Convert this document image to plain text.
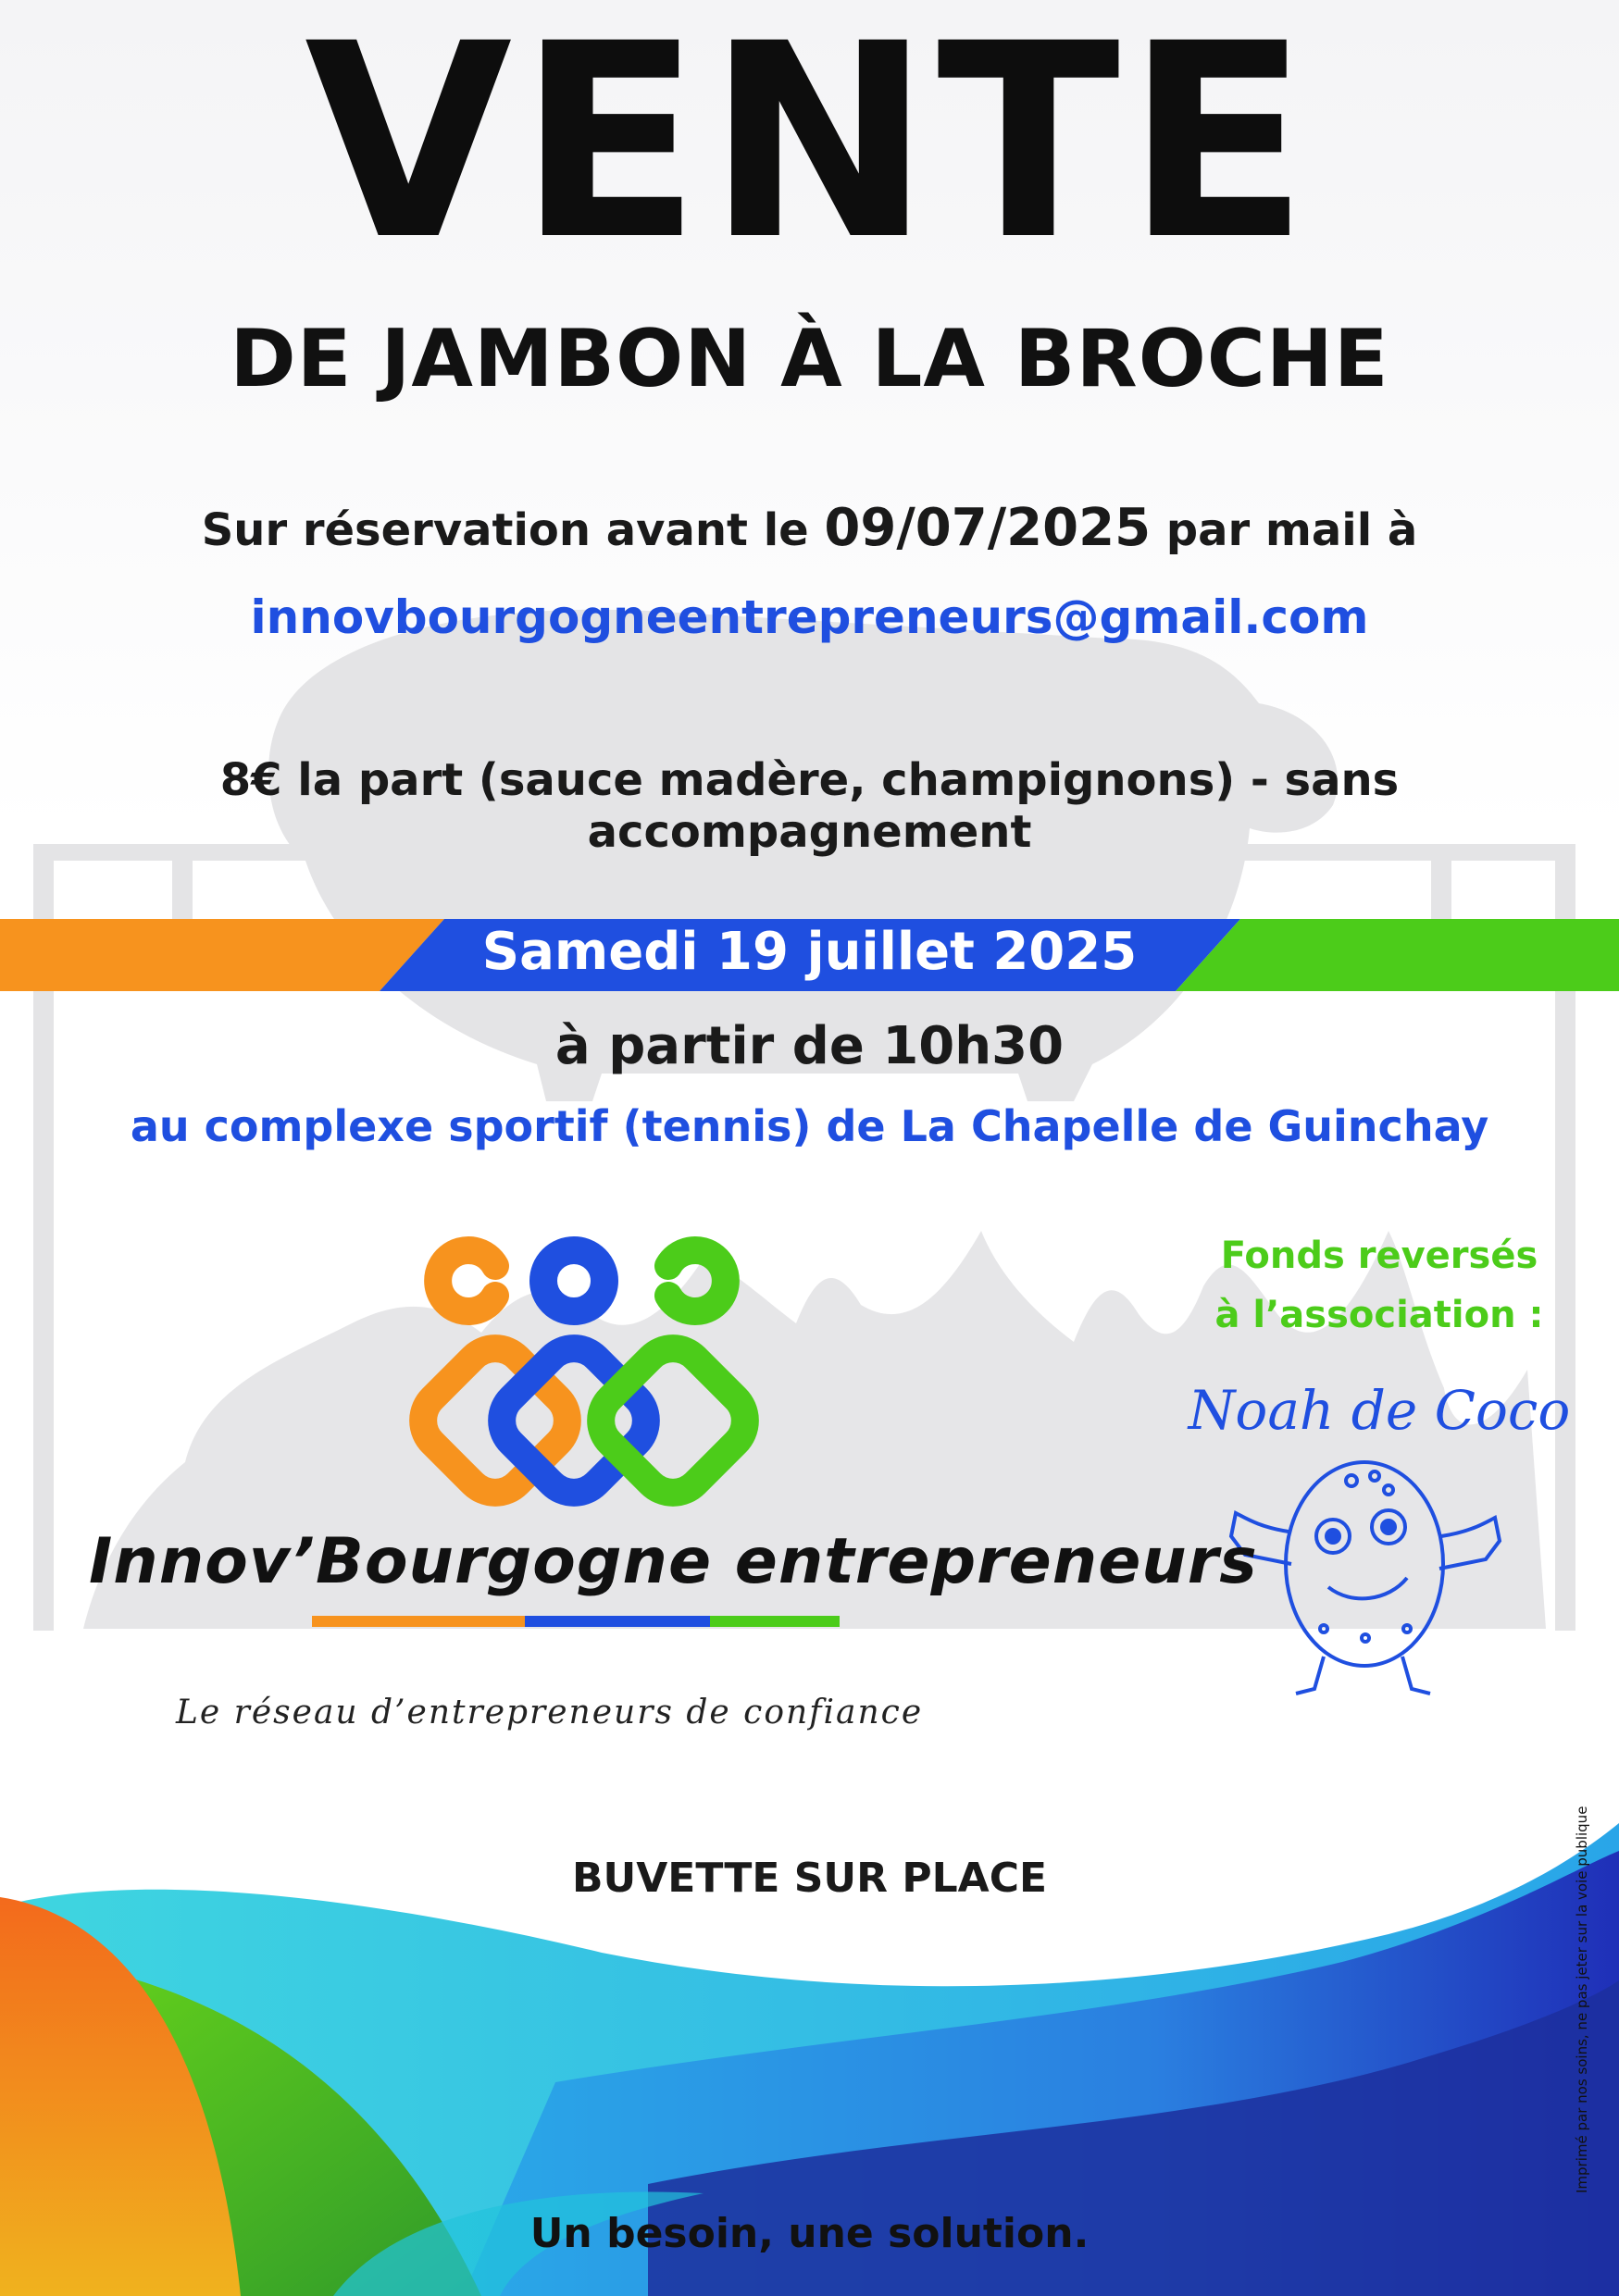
VENTE
DE JAMBON À LA BROCHE
Sur réservation avant le 09/07/2025 par mail à
innovbourgogneentrepreneurs@gmail.com
8€ la part (sauce madère, champignons) - sans accompagnement
Samedi 19 juillet 2025
à partir de 10h30
au complexe sportif (tennis) de La Chapelle de Guinchay
Fonds reversés
à l’association :
Noah de Coco
Innov’Bourgogne entrepreneurs
Le réseau d’entrepreneurs de confiance
BUVETTE SUR PLACE
Un besoin, une solution.
Imprimé par nos soins, ne pas jeter sur la voie publique
